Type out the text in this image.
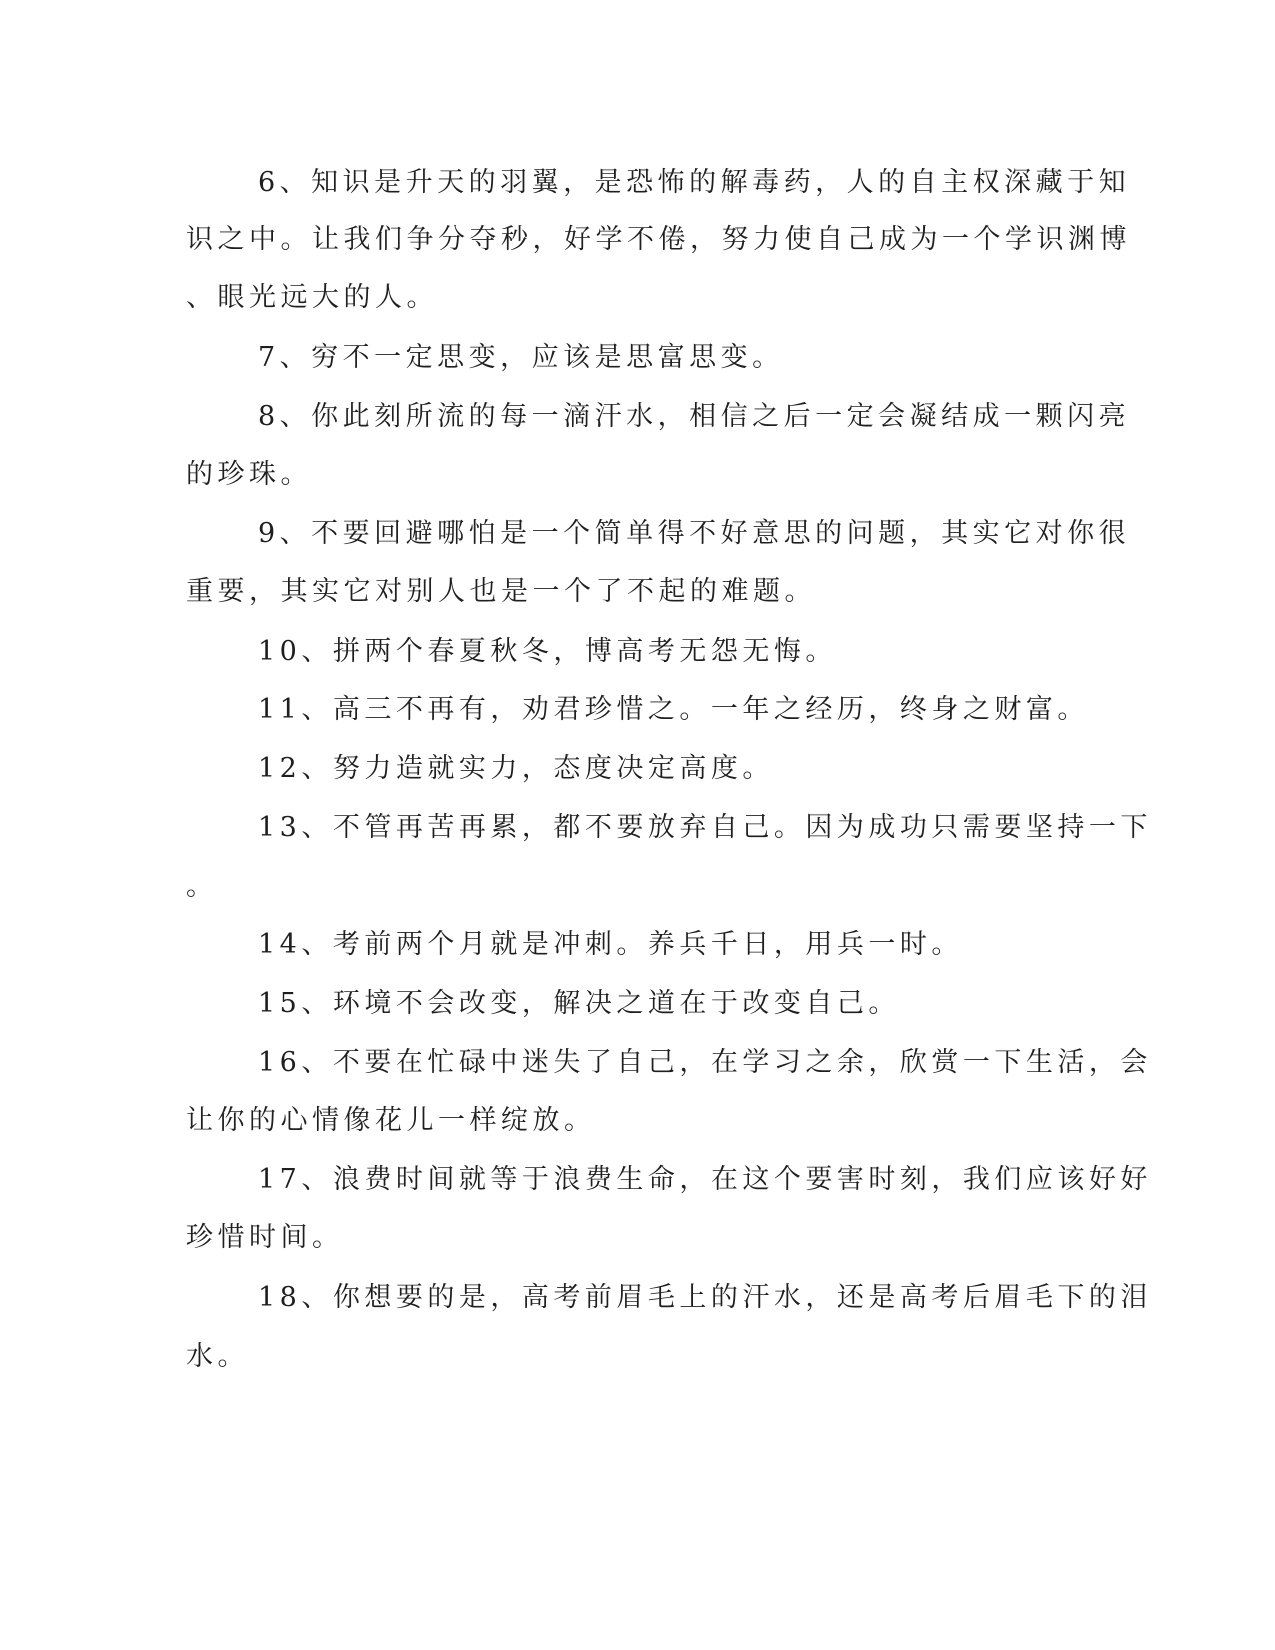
6、知识是升天的羽翼，是恐怖的解毒药，人的自主权深藏于知

识之中。让我们争分夺秒，好学不倦，努力使自己成为一个学识渊博

、眼光远大的人。

7、穷不一定思变，应该是思富思变。

8、你此刻所流的每一滴汗水，相信之后一定会凝结成一颗闪亮

的珍珠。

9、不要回避哪怕是一个简单得不好意思的问题，其实它对你很

重要，其实它对别人也是一个了不起的难题。

10、拼两个春夏秋冬，博高考无怨无悔。

11、高三不再有，劝君珍惜之。一年之经历，终身之财富。

12、努力造就实力，态度决定高度。

13、不管再苦再累，都不要放弃自己。因为成功只需要坚持一下

。

14、考前两个月就是冲刺。养兵千日，用兵一时。

15、环境不会改变，解决之道在于改变自己。

16、不要在忙碌中迷失了自己，在学习之余，欣赏一下生活，会

让你的心情像花儿一样绽放。

17、浪费时间就等于浪费生命，在这个要害时刻，我们应该好好

珍惜时间。

18、你想要的是，高考前眉毛上的汗水，还是高考后眉毛下的泪

水。
